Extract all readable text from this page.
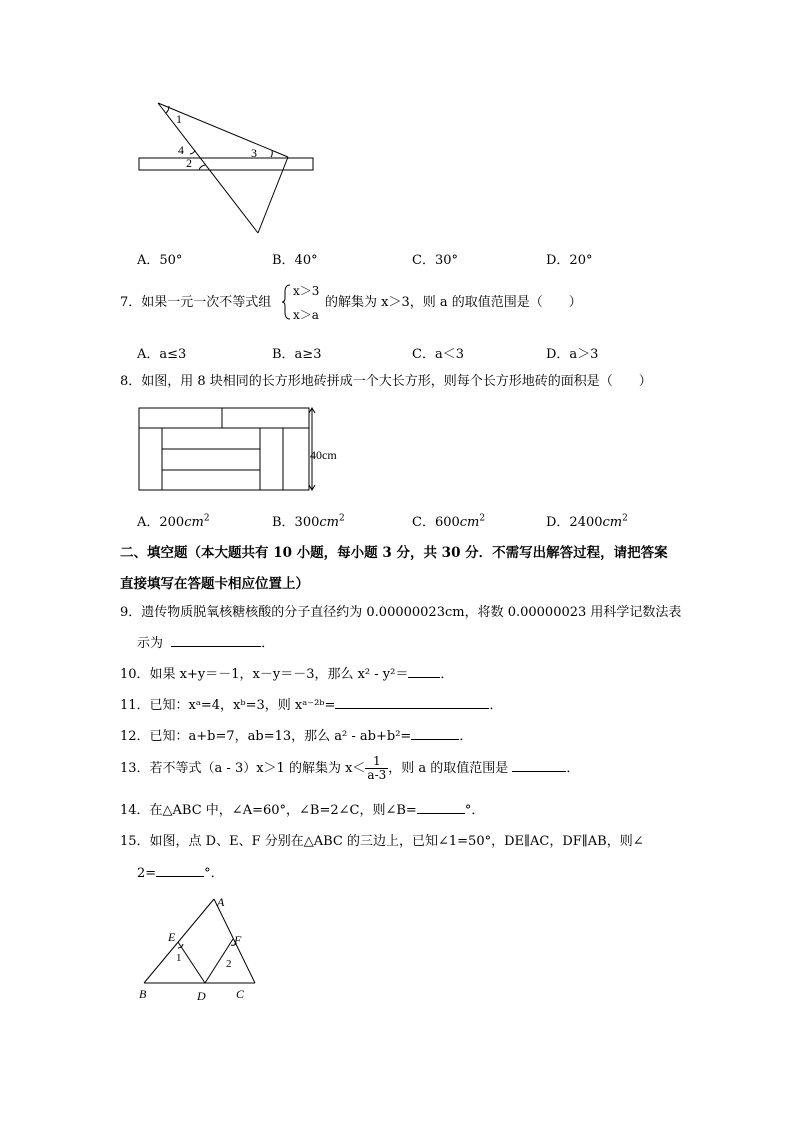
1
4
2
3
A．50°	B．40°	C．30°	D．20°
7．如果一元一次不等式组
x＞3
x＞a
的解集为 x＞3，则 a 的取值范围是（　　）
A．a≤3	B．a≥3	C．a＜3	D．a＞3
8．如图，用 8 块相同的长方形地砖拼成一个大长方形，则每个长方形地砖的面积是（　　）
40cm
A．$200cm^2$	B．$300cm^2$	C．$600cm^2$	D．$2400cm^2$
二、填空题（本大题共有 10 小题，每小题 3 分，共 30 分．不需写出解答过程，请把答案
直接填写在答题卡相应位置上）
9．遗传物质脱氧核糖核酸的分子直径约为 0.00000023cm，将数 0.00000023 用科学记数法表
示为	．
10．如果 x+y＝－1，x－y＝－3，那么 x² - y²＝ ．
11．已知：xᵃ=4，xᵇ=3，则 xᵃ⁻²ᵇ=	．
12．已知：a+b=7，ab=13，那么 a² - ab+b²=	．
13．若不等式（a - 3）x＞1 的解集为 $x< \frac{1}{a-3}$ ，则 a 的取值范围是	．
14．在△ABC 中，∠A=60°，∠B=2∠C，则∠B=	°．
15．如图，点 D、E、F 分别在△ABC 的三边上，已知∠1=50°，DE∥AC，DF∥AB，则∠
2=	°．
A
E	F
B	D	C
1	2
